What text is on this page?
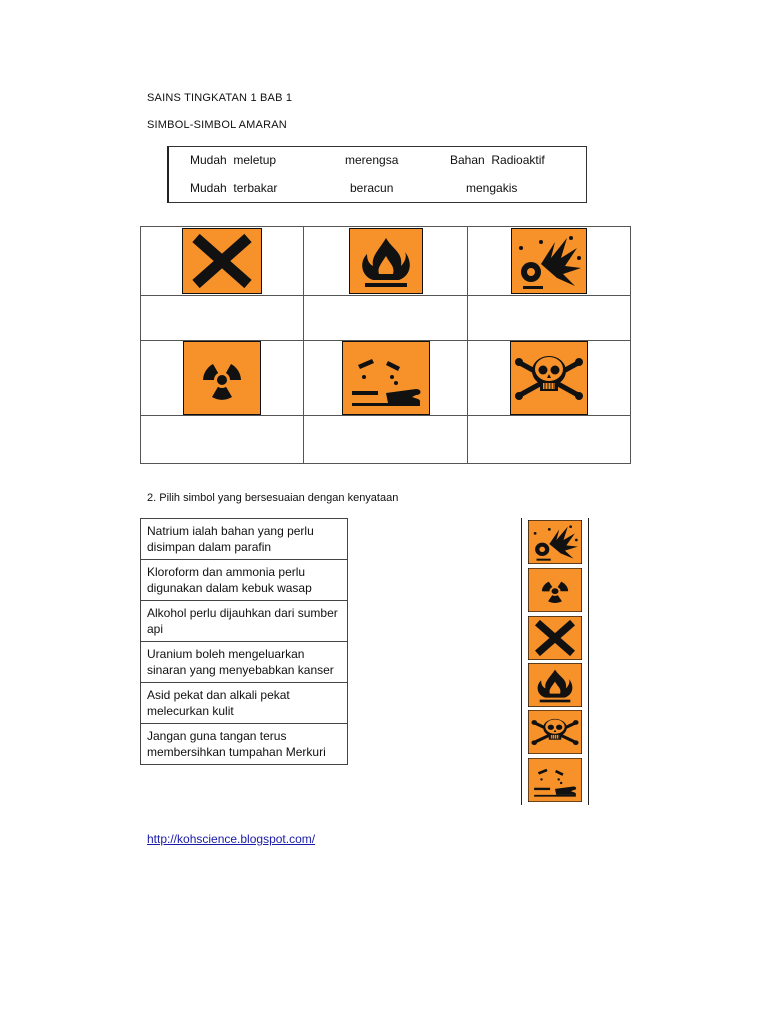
SAINS TINGKATAN 1 BAB 1
SIMBOL-SIMBOL AMARAN
Mudah  meletup	merengsa	Bahan  Radioaktif
Mudah  terbakar	beracun	mengakis

2. Pilih simbol yang bersesuaian dengan kenyataan
Natrium ialah bahan yang perlu disimpan dalam parafin
Kloroform dan ammonia perlu digunakan dalam kebuk wasap
Alkohol perlu dijauhkan dari sumber api
Uranium boleh mengeluarkan sinaran yang menyebabkan kanser
Asid pekat dan alkali pekat melecurkan kulit
Jangan guna tangan terus membersihkan tumpahan Merkuri
http://kohscience.blogspot.com/
